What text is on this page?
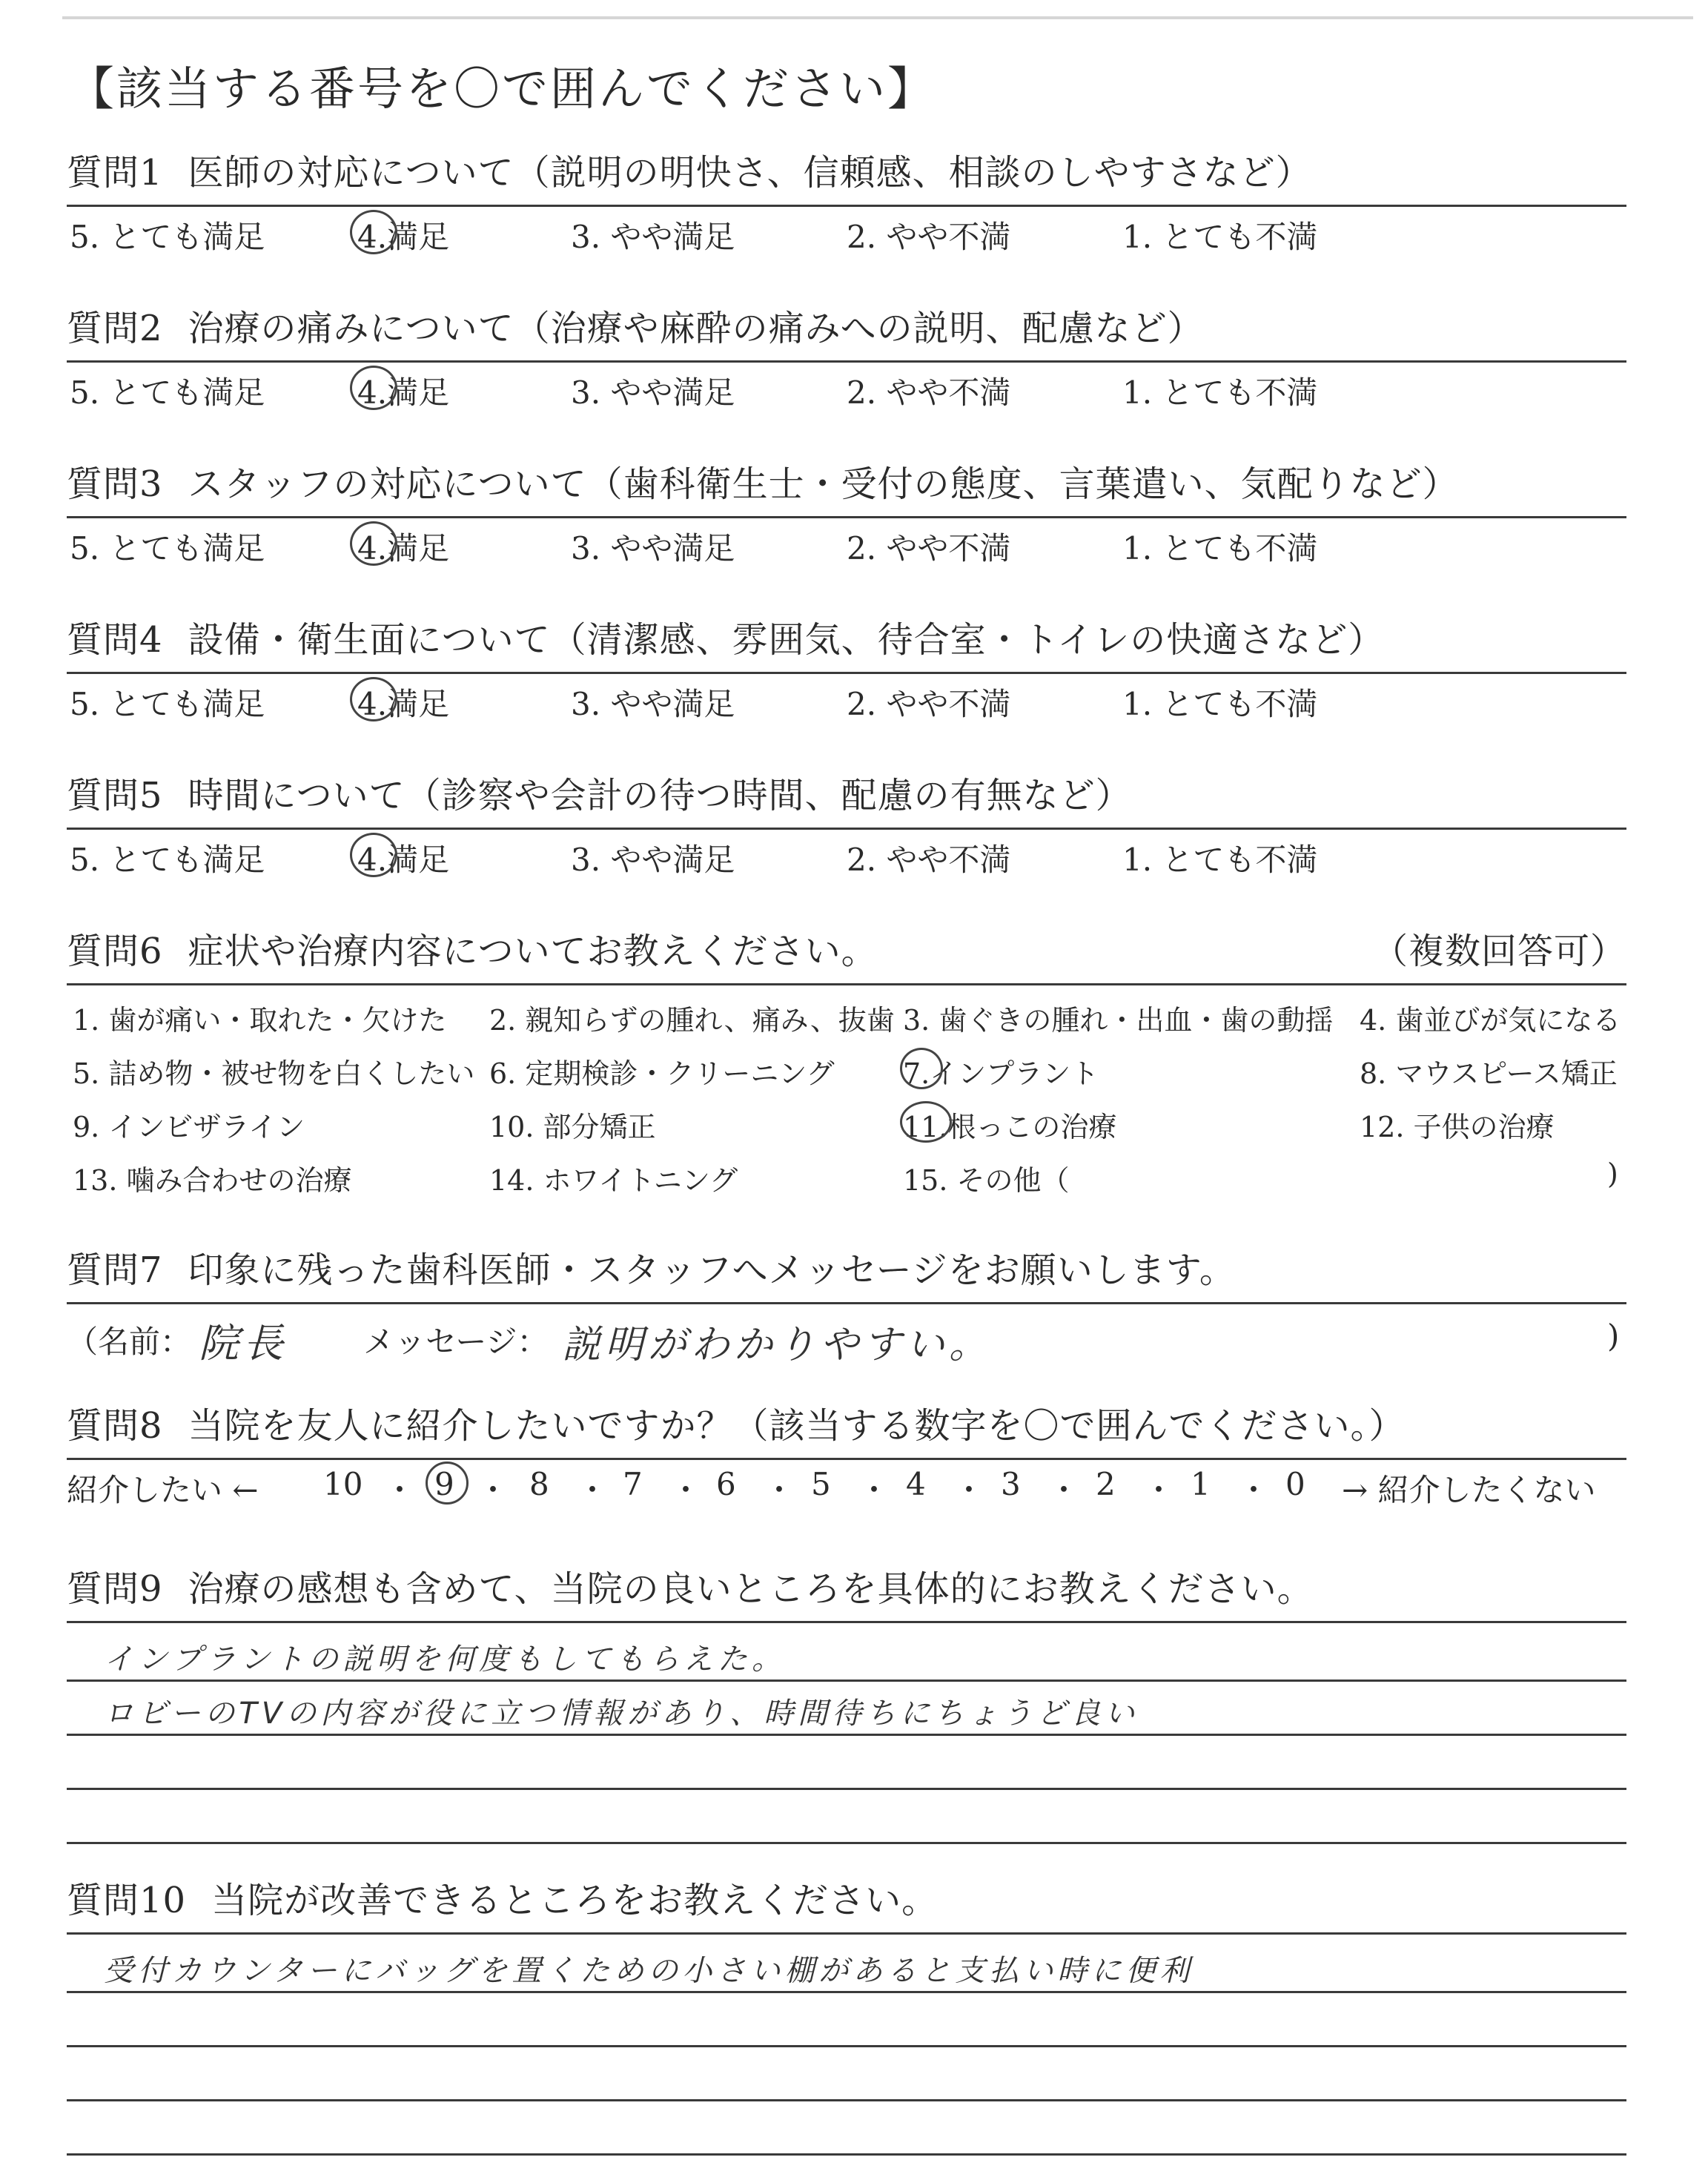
【該当する番号を〇で囲んでください】
質問1 医師の対応について（説明の明快さ、信頼感、相談のしやすさなど）
5. とても満足	4.満足	3. やや満足	2. やや不満	1. とても不満
質問2 治療の痛みについて（治療や麻酔の痛みへの説明、配慮など）
5. とても満足	4.満足	3. やや満足	2. やや不満	1. とても不満
質問3 スタッフの対応について（歯科衛生士・受付の態度、言葉遣い、気配りなど）
5. とても満足	4.満足	3. やや満足	2. やや不満	1. とても不満
質問4 設備・衛生面について（清潔感、雰囲気、待合室・トイレの快適さなど）
5. とても満足	4.満足	3. やや満足	2. やや不満	1. とても不満
質問5 時間について（診察や会計の待つ時間、配慮の有無など）
5. とても満足	4.満足	3. やや満足	2. やや不満	1. とても不満
質問6 症状や治療内容についてお教えください。	（複数回答可）
1. 歯が痛い・取れた・欠けた 2. 親知らずの腫れ、痛み、抜歯 3. 歯ぐきの腫れ・出血・歯の動揺 4. 歯並びが気になる
5. 詰め物・被せ物を白くしたい 6. 定期検診・クリーニング 7.インプラント	8. マウスピース矯正
9. インビザライン	10. 部分矯正	11.根っこの治療	12. 子供の治療
13. 噛み合わせの治療	14. ホワイトニング	15. その他（	)
質問7 印象に残った歯科医師・スタッフへメッセージをお願いします。
（名前： 院長 メッセージ： 説明がわかりやすい。	)
質問8 当院を友人に紹介したいですか？（該当する数字を〇で囲んでください。）
紹介したい ← 10 ・ 9 ・ 8 ・ 7 ・ 6 ・ 5 ・ 4 ・ 3 ・ 2 ・ 1 ・ 0 → 紹介したくない
質問9 治療の感想も含めて、当院の良いところを具体的にお教えください。
インプラントの説明を何度もしてもらえた。
ロビーのTVの内容が役に立つ情報があり、時間待ちにちょうど良い
質問10 当院が改善できるところをお教えください。
受付カウンターにバッグを置くための小さい棚があると支払い時に便利
